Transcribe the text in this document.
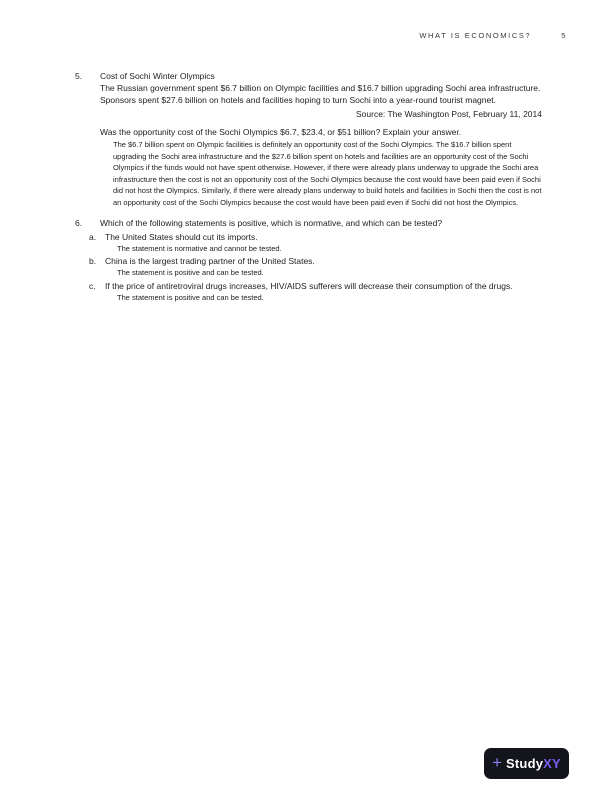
WHAT IS ECONOMICS?	5
5.	Cost of Sochi Winter Olympics
The Russian government spent $6.7 billion on Olympic facilities and $16.7 billion upgrading Sochi area infrastructure. Sponsors spent $27.6 billion on hotels and facilities hoping to turn Sochi into a year-round tourist magnet.
Source: The Washington Post, February 11, 2014
Was the opportunity cost of the Sochi Olympics $6.7, $23.4, or $51 billion? Explain your answer.
The $6.7 billion spent on Olympic facilities is definitely an opportunity cost of the Sochi Olympics. The $16.7 billion spent upgrading the Sochi area infrastructure and the $27.6 billion spent on hotels and facilities are an opportunity cost of the Sochi Olympics if the funds would not have spent otherwise. However, if there were already plans underway to upgrade the Sochi area infrastructure then the cost is not an opportunity cost of the Sochi Olympics because the cost would have been paid even if Sochi did not host the Olympics. Similarly, if there were already plans underway to build hotels and facilities in Sochi then the cost is not an opportunity cost of the Sochi Olympics because the cost would have been paid even if Sochi did not host the Olympics.
6.	Which of the following statements is positive, which is normative, and which can be tested?
a.	The United States should cut its imports.
The statement is normative and cannot be tested.
b.	China is the largest trading partner of the United States.
The statement is positive and can be tested.
c.	If the price of antiretroviral drugs increases, HIV/AIDS sufferers will decrease their consumption of the drugs.
The statement is positive and can be tested.
+ StudyXY
